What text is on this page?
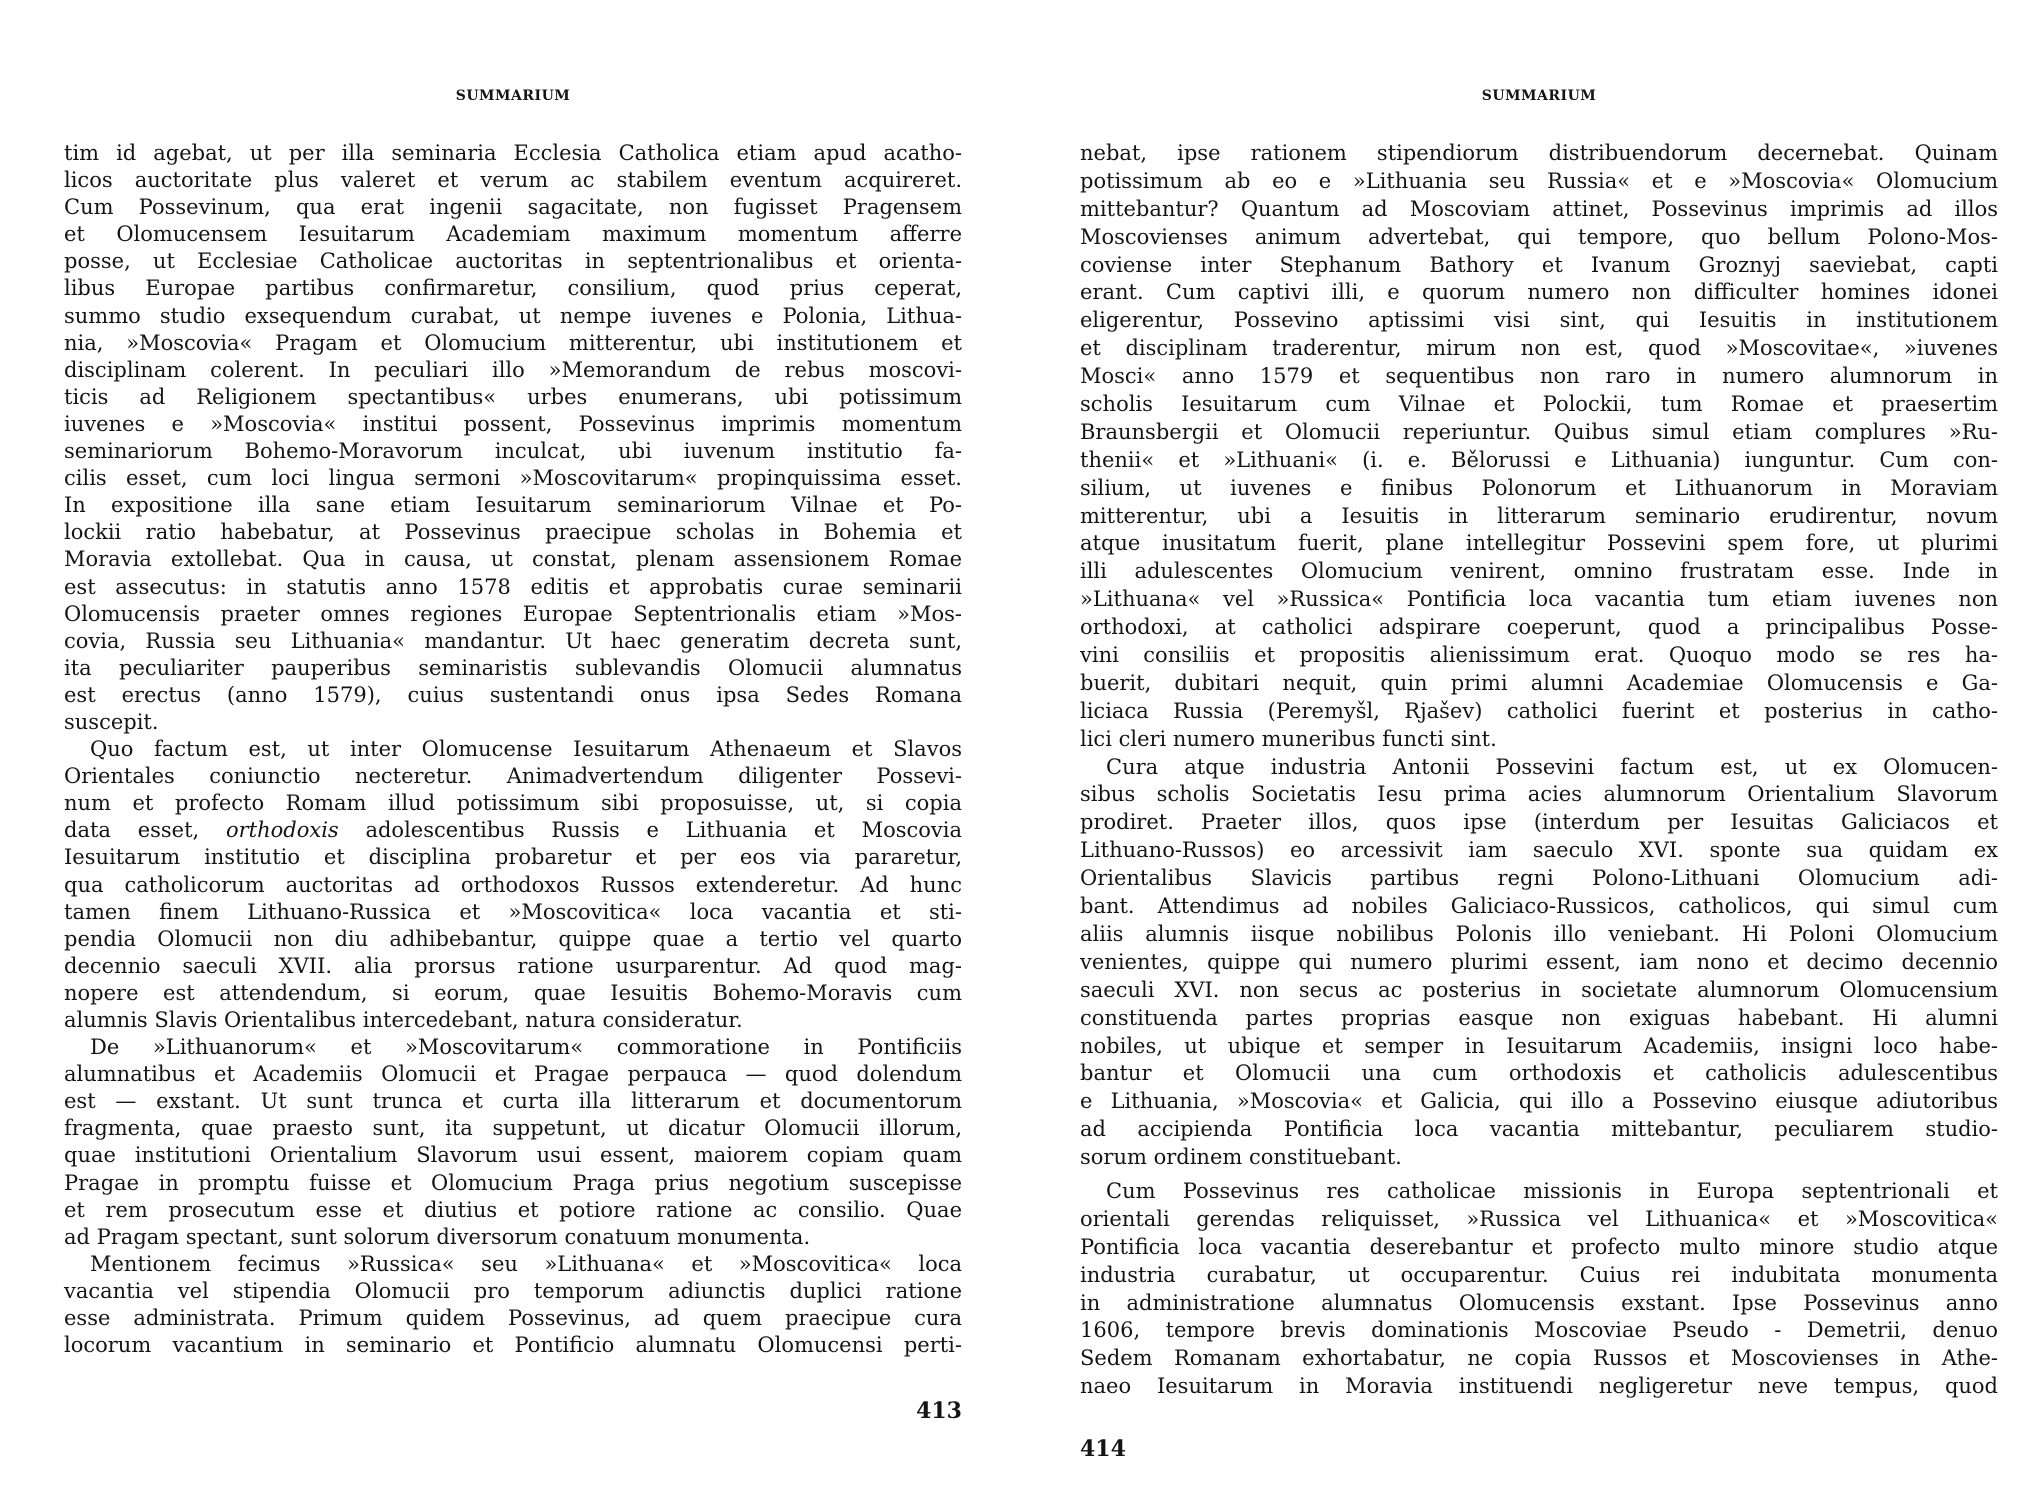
SUMMARIUM
tim id agebat, ut per illa seminaria Ecclesia Catholica etiam apud acatho-
licos auctoritate plus valeret et verum ac stabilem eventum acquireret.
Cum Possevinum, qua erat ingenii sagacitate, non fugisset Pragensem
et Olomucensem Iesuitarum Academiam maximum momentum afferre
posse, ut Ecclesiae Catholicae auctoritas in septentrionalibus et orienta-
libus Europae partibus confirmaretur, consilium, quod prius ceperat,
summo studio exsequendum curabat, ut nempe iuvenes e Polonia, Lithua-
nia, »Moscovia« Pragam et Olomucium mitterentur, ubi institutionem et
disciplinam colerent. In peculiari illo »Memorandum de rebus moscovi-
ticis ad Religionem spectantibus« urbes enumerans, ubi potissimum
iuvenes e »Moscovia« institui possent, Possevinus imprimis momentum
seminariorum Bohemo-Moravorum inculcat, ubi iuvenum institutio fa-
cilis esset, cum loci lingua sermoni »Moscovitarum« propinquissima esset.
In expositione illa sane etiam Iesuitarum seminariorum Vilnae et Po-
lockii ratio habebatur, at Possevinus praecipue scholas in Bohemia et
Moravia extollebat. Qua in causa, ut constat, plenam assensionem Romae
est assecutus: in statutis anno 1578 editis et approbatis curae seminarii
Olomucensis praeter omnes regiones Europae Septentrionalis etiam »Mos-
covia, Russia seu Lithuania« mandantur. Ut haec generatim decreta sunt,
ita peculiariter pauperibus seminaristis sublevandis Olomucii alumnatus
est erectus (anno 1579), cuius sustentandi onus ipsa Sedes Romana
suscepit.
Quo factum est, ut inter Olomucense Iesuitarum Athenaeum et Slavos
Orientales coniunctio necteretur. Animadvertendum diligenter Possevi-
num et profecto Romam illud potissimum sibi proposuisse, ut, si copia
data esset, orthodoxis adolescentibus Russis e Lithuania et Moscovia
Iesuitarum institutio et disciplina probaretur et per eos via pararetur,
qua catholicorum auctoritas ad orthodoxos Russos extenderetur. Ad hunc
tamen finem Lithuano-Russica et »Moscovitica« loca vacantia et sti-
pendia Olomucii non diu adhibebantur, quippe quae a tertio vel quarto
decennio saeculi XVII. alia prorsus ratione usurparentur. Ad quod mag-
nopere est attendendum, si eorum, quae Iesuitis Bohemo-Moravis cum
alumnis Slavis Orientalibus intercedebant, natura consideratur.
De »Lithuanorum« et »Moscovitarum« commoratione in Pontificiis
alumnatibus et Academiis Olomucii et Pragae perpauca — quod dolendum
est — exstant. Ut sunt trunca et curta illa litterarum et documentorum
fragmenta, quae praesto sunt, ita suppetunt, ut dicatur Olomucii illorum,
quae institutioni Orientalium Slavorum usui essent, maiorem copiam quam
Pragae in promptu fuisse et Olomucium Praga prius negotium suscepisse
et rem prosecutum esse et diutius et potiore ratione ac consilio. Quae
ad Pragam spectant, sunt solorum diversorum conatuum monumenta.
Mentionem fecimus »Russica« seu »Lithuana« et »Moscovitica« loca
vacantia vel stipendia Olomucii pro temporum adiunctis duplici ratione
esse administrata. Primum quidem Possevinus, ad quem praecipue cura
locorum vacantium in seminario et Pontificio alumnatu Olomucensi perti-
413
SUMMARIUM
nebat, ipse rationem stipendiorum distribuendorum decernebat. Quinam
potissimum ab eo e »Lithuania seu Russia« et e »Moscovia« Olomucium
mittebantur? Quantum ad Moscoviam attinet, Possevinus imprimis ad illos
Moscovienses animum advertebat, qui tempore, quo bellum Polono-Mos-
coviense inter Stephanum Bathory et Ivanum Groznyj saeviebat, capti
erant. Cum captivi illi, e quorum numero non difficulter homines idonei
eligerentur, Possevino aptissimi visi sint, qui Iesuitis in institutionem
et disciplinam traderentur, mirum non est, quod »Moscovitae«, »iuvenes
Mosci« anno 1579 et sequentibus non raro in numero alumnorum in
scholis Iesuitarum cum Vilnae et Polockii, tum Romae et praesertim
Braunsbergii et Olomucii reperiuntur. Quibus simul etiam complures »Ru-
thenii« et »Lithuani« (i. e. Bělorussi e Lithuania) iunguntur. Cum con-
silium, ut iuvenes e finibus Polonorum et Lithuanorum in Moraviam
mitterentur, ubi a Iesuitis in litterarum seminario erudirentur, novum
atque inusitatum fuerit, plane intellegitur Possevini spem fore, ut plurimi
illi adulescentes Olomucium venirent, omnino frustratam esse. Inde in
»Lithuana« vel »Russica« Pontificia loca vacantia tum etiam iuvenes non
orthodoxi, at catholici adspirare coeperunt, quod a principalibus Posse-
vini consiliis et propositis alienissimum erat. Quoquo modo se res ha-
buerit, dubitari nequit, quin primi alumni Academiae Olomucensis e Ga-
liciaca Russia (Peremyšl, Rjašev) catholici fuerint et posterius in catho-
lici cleri numero muneribus functi sint.
Cura atque industria Antonii Possevini factum est, ut ex Olomucen-
sibus scholis Societatis Iesu prima acies alumnorum Orientalium Slavorum
prodiret. Praeter illos, quos ipse (interdum per Iesuitas Galiciacos et
Lithuano-Russos) eo arcessivit iam saeculo XVI. sponte sua quidam ex
Orientalibus Slavicis partibus regni Polono-Lithuani Olomucium adi-
bant. Attendimus ad nobiles Galiciaco-Russicos, catholicos, qui simul cum
aliis alumnis iisque nobilibus Polonis illo veniebant. Hi Poloni Olomucium
venientes, quippe qui numero plurimi essent, iam nono et decimo decennio
saeculi XVI. non secus ac posterius in societate alumnorum Olomucensium
constituenda partes proprias easque non exiguas habebant. Hi alumni
nobiles, ut ubique et semper in Iesuitarum Academiis, insigni loco habe-
bantur et Olomucii una cum orthodoxis et catholicis adulescentibus
e Lithuania, »Moscovia« et Galicia, qui illo a Possevino eiusque adiutoribus
ad accipienda Pontificia loca vacantia mittebantur, peculiarem studio-
sorum ordinem constituebant.
Cum Possevinus res catholicae missionis in Europa septentrionali et
orientali gerendas reliquisset, »Russica vel Lithuanica« et »Moscovitica«
Pontificia loca vacantia deserebantur et profecto multo minore studio atque
industria curabatur, ut occuparentur. Cuius rei indubitata monumenta
in administratione alumnatus Olomucensis exstant. Ipse Possevinus anno
1606, tempore brevis dominationis Moscoviae Pseudo - Demetrii, denuo
Sedem Romanam exhortabatur, ne copia Russos et Moscovienses in Athe-
naeo Iesuitarum in Moravia instituendi negligeretur neve tempus, quod
414
